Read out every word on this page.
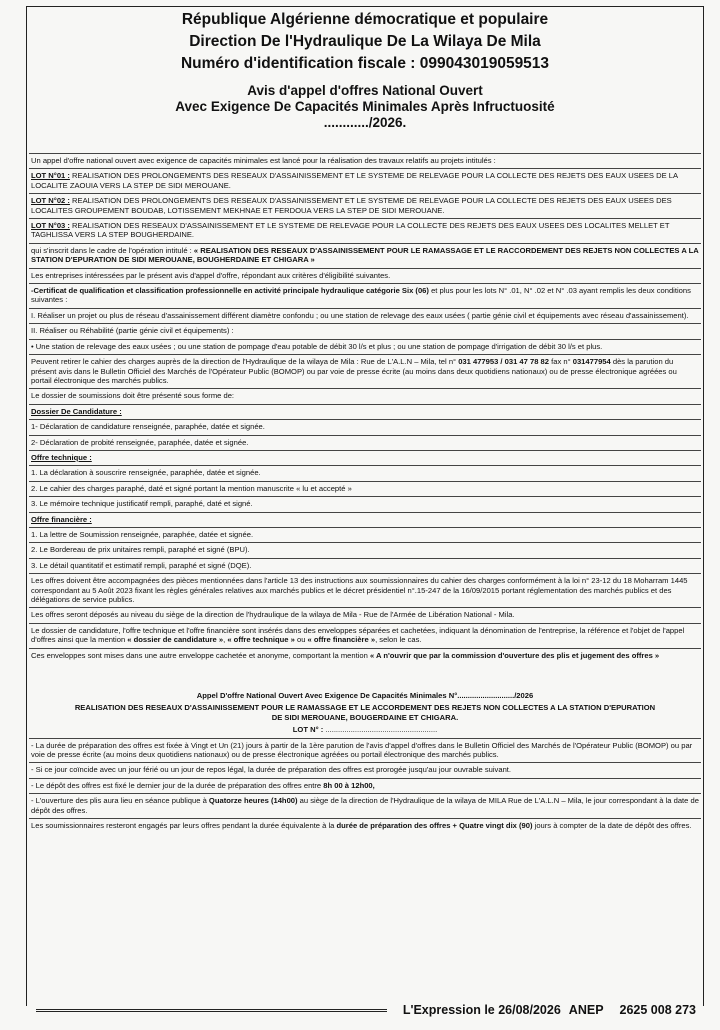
République Algérienne démocratique et populaire
Direction De l'Hydraulique De La Wilaya De Mila
Numéro d'identification fiscale : 099043019059513
Avis d'appel d'offres National Ouvert
Avec Exigence De Capacités Minimales Après Infructuosité
............/2026.

Un appel d'offre national ouvert avec exigence de capacités minimales est lancé pour la réalisation des travaux relatifs au projets intitulés :

LOT N°01 : REALISATION DES PROLONGEMENTS DES RESEAUX D'ASSAINISSEMENT ET LE SYSTEME DE RELEVAGE POUR LA COLLECTE DES REJETS DES EAUX USEES DE LA LOCALITE ZAOUIA VERS LA STEP DE SIDI MEROUANE.

LOT N°02 : REALISATION DES PROLONGEMENTS DES RESEAUX D'ASSAINISSEMENT ET LE SYSTEME DE RELEVAGE POUR LA COLLECTE DES REJETS DES EAUX USEES DES LOCALITES GROUPEMENT BOUDAB, LOTISSEMENT MEKHNAE ET FERDOUA VERS LA STEP DE SIDI MEROUANE.

LOT N°03 : REALISATION DES RESEAUX D'ASSAINISSEMENT ET LE SYSTEME DE RELEVAGE POUR LA COLLECTE DES REJETS DES EAUX USEES DES LOCALITES MELLET ET TAGHLISSA VERS LA STEP BOUGHERDAINE.

qui s'inscrit dans le cadre de l'opération intitulé : « REALISATION DES RESEAUX D'ASSAINISSEMENT POUR LE RAMASSAGE ET LE RACCORDEMENT DES REJETS NON COLLECTES A LA STATION D'EPURATION DE SIDI MEROUANE, BOUGHERDAINE ET CHIGARA »

Les entreprises intéressées par le présent avis d'appel d'offre, répondant aux critères d'éligibilité suivantes.

-Certificat de qualification et classification professionnelle en activité principale hydraulique catégorie Six (06) et plus pour les lots N° .01, N° .02 et N° .03 ayant remplis les deux conditions suivantes :

I. Réaliser un projet ou plus de réseau d'assainissement différent diamètre confondu ; ou une station de relevage des eaux usées ( partie génie civil et équipements avec réseau d'assainissement).

II. Réaliser ou Réhabilité (partie génie civil et équipements) :

• Une station de relevage des eaux usées ; ou une station de pompage d'eau potable de débit 30 l/s et plus ; ou une station de pompage d'irrigation de débit 30 l/s et plus.

Peuvent retirer le cahier des charges auprès de la direction de l'Hydraulique de la wilaya de Mila : Rue de L'A.L.N – Mila, tel n° 031 477953 / 031 47 78 82 fax n° 031477954 dès la parution du présent avis dans le Bulletin Officiel des Marchés de l'Opérateur Public (BOMOP) ou par voie de presse écrite (au moins dans deux quotidiens nationaux) ou de presse électronique agréées ou portail électronique des marchés publics.

Le dossier de soumissions doit être présenté sous forme de:

Dossier De Candidature :

1- Déclaration de candidature renseignée, paraphée, datée et signée.

2- Déclaration de probité renseignée, paraphée, datée et signée.

Offre technique :

1. La déclaration à souscrire renseignée, paraphée, datée et signée.

2. Le cahier des charges paraphé, daté et signé portant la mention manuscrite « lu et accepté »

3. Le mémoire technique justificatif rempli, paraphé, daté et signé.

Offre financière :

1. La lettre de Soumission renseignée, paraphée, datée et signée.

2. Le Bordereau de prix unitaires rempli, paraphé et signé (BPU).

3. Le détail quantitatif et estimatif rempli, paraphé et signé (DQE).

Les offres doivent être accompagnées des pièces mentionnées dans l'article 13 des instructions aux soumissionnaires du cahier des charges conformément à la loi n° 23-12 du 18 Moharram 1445 correspondant au 5 Août 2023 fixant les règles générales relatives aux marchés publics et le décret présidentiel n°.15-247 de la 16/09/2015 portant réglementation des marchés publics et des délégations de service publics.

Les offres seront déposés au niveau du siège de la direction de l'hydraulique de la wilaya de Mila - Rue de l'Armée de Libération National - Mila.

Le dossier de candidature, l'offre technique et l'offre financière sont insérés dans des enveloppes séparées et cachetées, indiquant la dénomination de l'entreprise, la référence et l'objet de l'appel d'offres ainsi que la mention « dossier de candidature », « offre technique » ou « offre financière », selon le cas.

Ces enveloppes sont mises dans une autre enveloppe cachetée et anonyme, comportant la mention « A n'ouvrir que par la commission d'ouverture des plis et jugement des offres »

Appel D'offre National Ouvert Avec Exigence De Capacités Minimales N°.........................../2026

REALISATION DES RESEAUX D'ASSAINISSEMENT POUR LE RAMASSAGE ET LE ACCORDEMENT DES REJETS NON COLLECTES A LA STATION D'EPURATION DE SIDI MEROUANE, BOUGERDAINE ET CHIGARA.

LOT N° : .....................................................

- La durée de préparation des offres est fixée à Vingt et Un (21) jours à partir de la 1ère parution de l'avis d'appel d'offres dans le Bulletin Officiel des Marchés de l'Opérateur Public (BOMOP) ou par voie de presse écrite (au moins deux quotidiens nationaux) ou de presse électronique agréées ou portail électronique des marchés publics.

- Si ce jour coïncide avec un jour férié ou un jour de repos légal, la durée de préparation des offres est prorogée jusqu'au jour ouvrable suivant.

- Le dépôt des offres est fixé le dernier jour de la durée de préparation des offres entre 8h 00 à 12h00,

- L'ouverture des plis aura lieu en séance publique à Quatorze heures (14h00) au siège de la direction de l'Hydraulique de la wilaya de MILA Rue de L'A.L.N – Mila, le jour correspondant à la date de dépôt des offres.

Les soumissionnaires resteront engagés par leurs offres pendant la durée équivalente à la durée de préparation des offres + Quatre vingt dix (90) jours à compter de la date de dépôt des offres.

L'Expression le 26/08/2026 ANEP 2625 008 273
